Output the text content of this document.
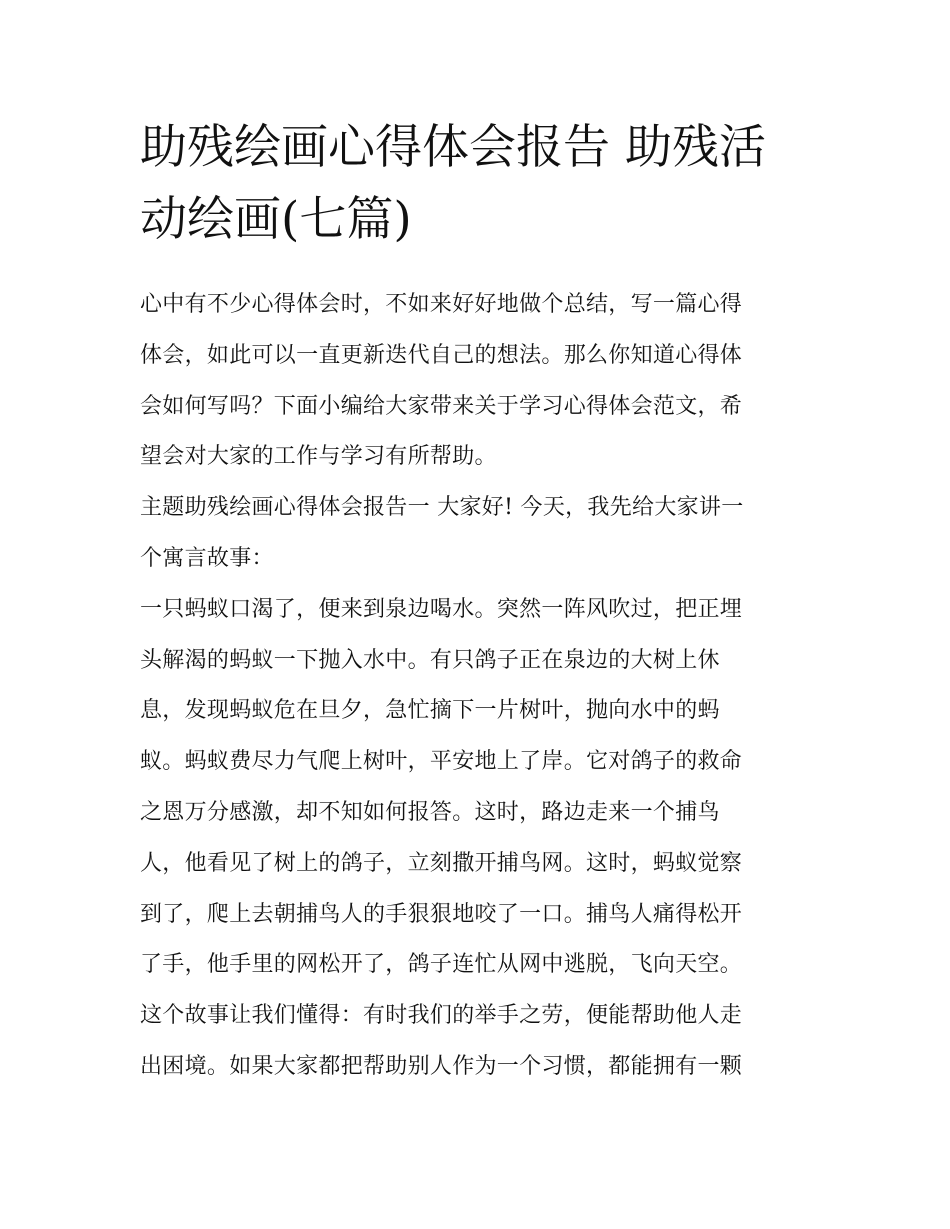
助残绘画心得体会报告 助残活
动绘画(七篇)

心中有不少心得体会时，不如来好好地做个总结，写一篇心得
体会，如此可以一直更新迭代自己的想法。那么你知道心得体
会如何写吗？下面小编给大家带来关于学习心得体会范文，希
望会对大家的工作与学习有所帮助。

主题助残绘画心得体会报告一 大家好! 今天，我先给大家讲一
个寓言故事：

一只蚂蚁口渴了，便来到泉边喝水。突然一阵风吹过，把正埋
头解渴的蚂蚁一下抛入水中。有只鸽子正在泉边的大树上休
息，发现蚂蚁危在旦夕，急忙摘下一片树叶，抛向水中的蚂
蚁。蚂蚁费尽力气爬上树叶，平安地上了岸。它对鸽子的救命
之恩万分感激，却不知如何报答。这时，路边走来一个捕鸟
人，他看见了树上的鸽子，立刻撒开捕鸟网。这时，蚂蚁觉察
到了，爬上去朝捕鸟人的手狠狠地咬了一口。捕鸟人痛得松开
了手，他手里的网松开了，鸽子连忙从网中逃脱，飞向天空。
这个故事让我们懂得：有时我们的举手之劳，便能帮助他人走
出困境。如果大家都把帮助别人作为一个习惯，都能拥有一颗
